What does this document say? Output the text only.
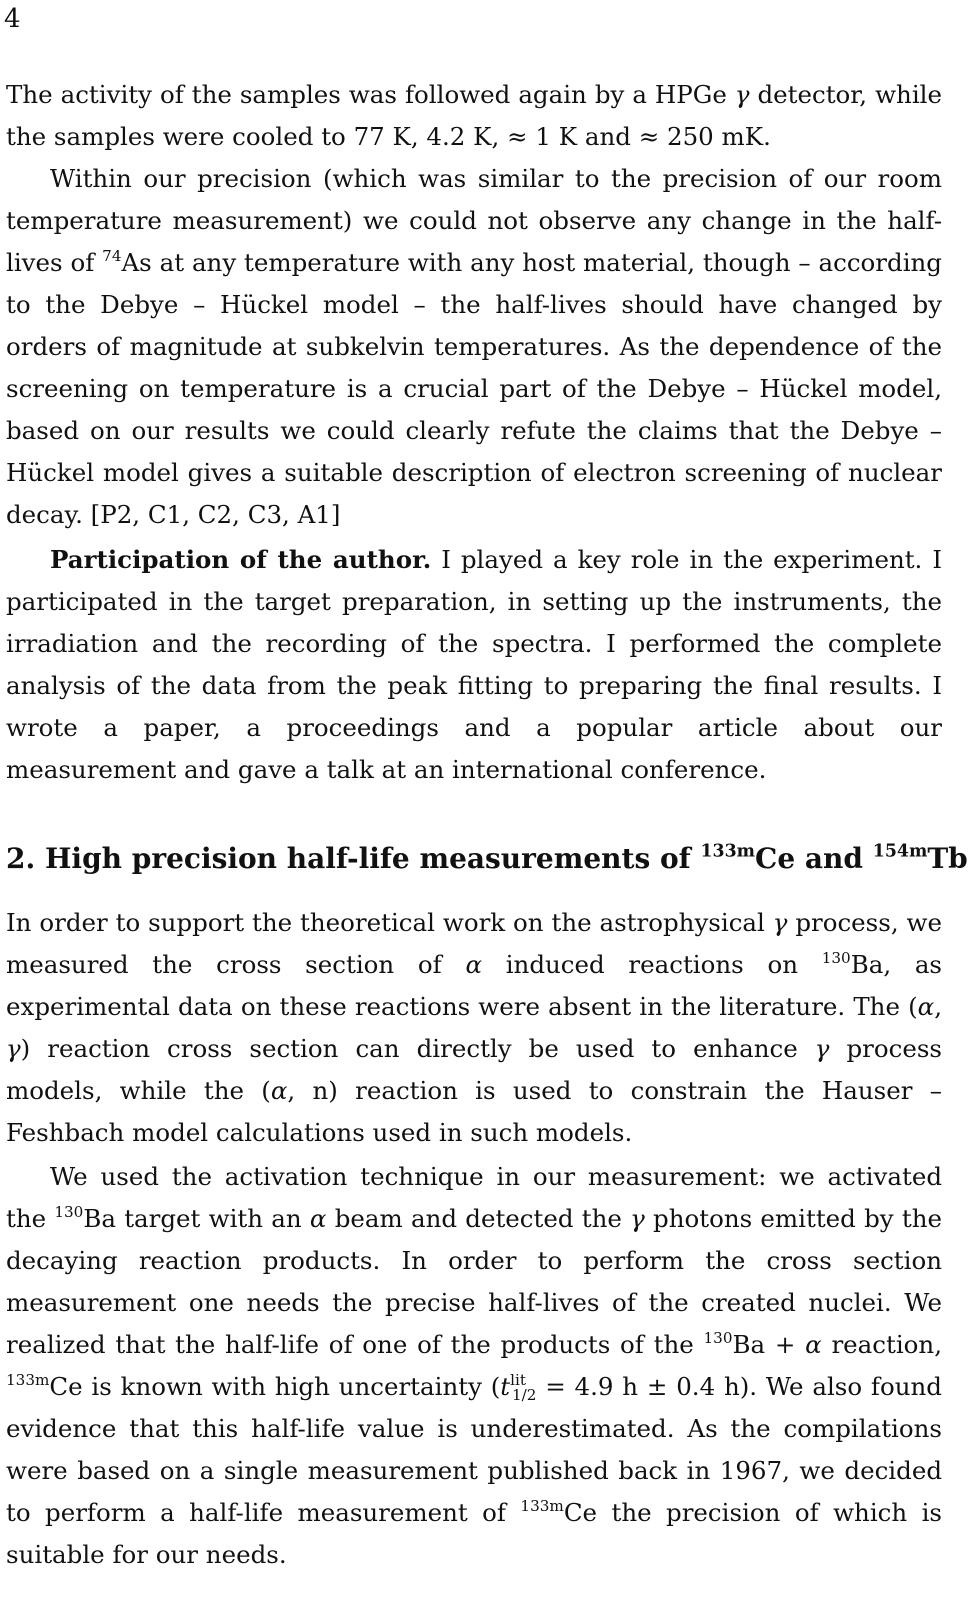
4

The activity of the samples was followed again by a HPGe γ detector, while the samples were cooled to 77 K, 4.2 K, ≈ 1 K and ≈ 250 mK.

Within our precision (which was similar to the precision of our room temperature measurement) we could not observe any change in the half-lives of $^{74}$As at any temperature with any host material, though – according to the Debye – Hückel model – the half-lives should have changed by orders of magnitude at subkelvin temperatures. As the dependence of the screening on temperature is a crucial part of the Debye – Hückel model, based on our results we could clearly refute the claims that the Debye – Hückel model gives a suitable description of electron screening of nuclear decay. [P2, C1, C2, C3, A1]

Participation of the author. I played a key role in the experiment. I participated in the target preparation, in setting up the instruments, the irradiation and the recording of the spectra. I performed the complete analysis of the data from the peak fitting to preparing the final results. I wrote a paper, a proceedings and a popular article about our measurement and gave a talk at an international conference.

2. High precision half-life measurements of $^{133m}$Ce and $^{154m}$Tb

In order to support the theoretical work on the astrophysical γ process, we measured the cross section of α induced reactions on $^{130}$Ba, as experimental data on these reactions were absent in the literature. The (α, γ) reaction cross section can directly be used to enhance γ process models, while the (α, n) reaction is used to constrain the Hauser – Feshbach model calculations used in such models.

We used the activation technique in our measurement: we activated the $^{130}$Ba target with an α beam and detected the γ photons emitted by the decaying reaction products. In order to perform the cross section measurement one needs the precise half-lives of the created nuclei. We realized that the half-life of one of the products of the $^{130}$Ba + α reaction, $^{133m}$Ce is known with high uncertainty ($t^{lit}_{1/2} = 4.9$ h ± 0.4 h). We also found evidence that this half-life value is underestimated. As the compilations were based on a single measurement published back in 1967, we decided to perform a half-life measurement of $^{133m}$Ce the precision of which is suitable for our needs.
